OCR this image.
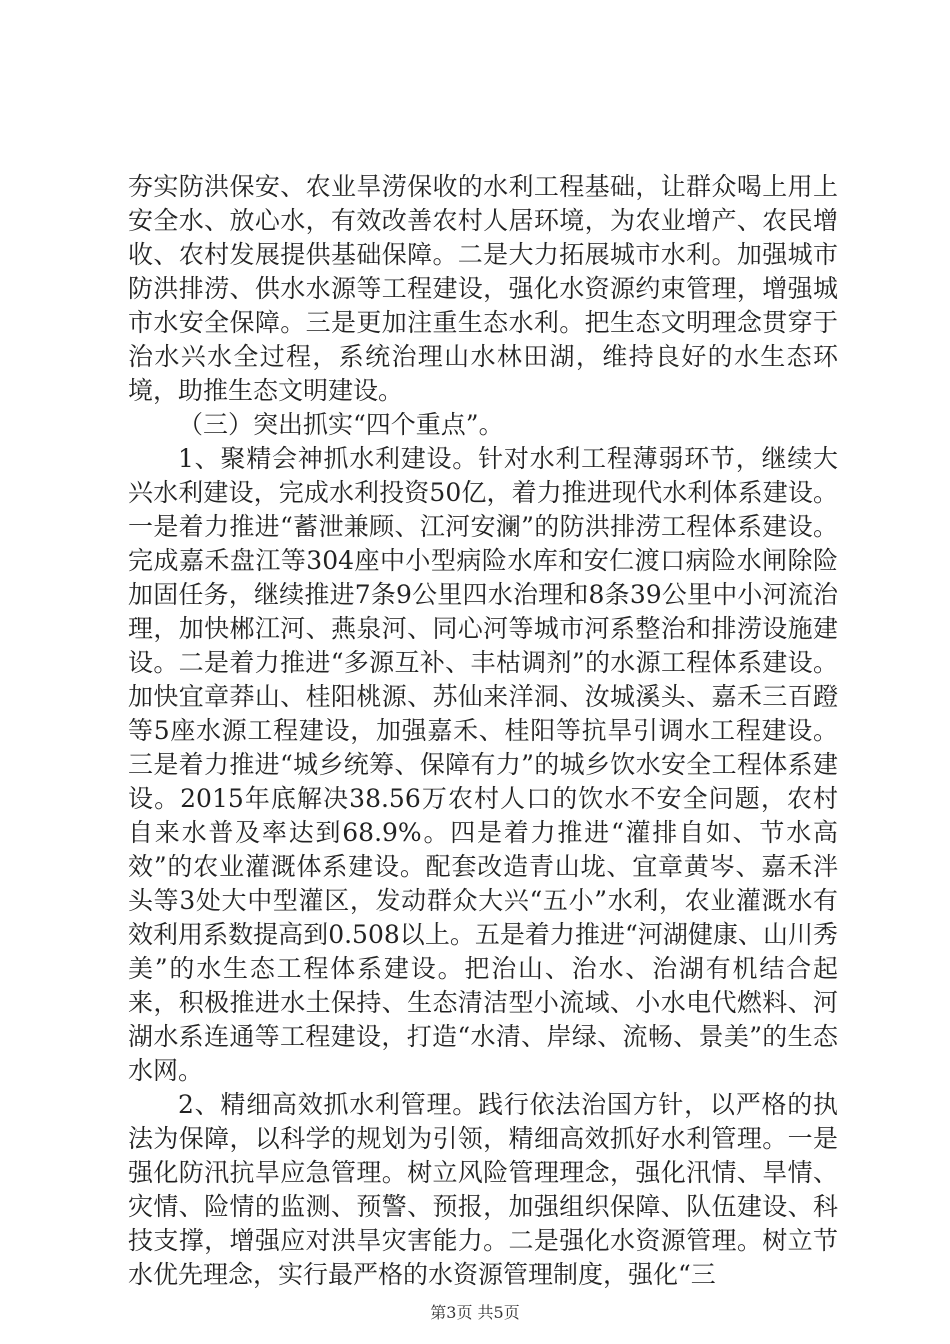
夯实防洪保安、农业旱涝保收的水利工程基础，让群众喝上用上安全水、放心水，有效改善农村人居环境，为农业增产、农民增收、农村发展提供基础保障。二是大力拓展城市水利。加强城市防洪排涝、供水水源等工程建设，强化水资源约束管理，增强城市水安全保障。三是更加注重生态水利。把生态文明理念贯穿于治水兴水全过程，系统治理山水林田湖，维持良好的水生态环境，助推生态文明建设。

（三）突出抓实“四个重点”。

1、聚精会神抓水利建设。针对水利工程薄弱环节，继续大兴水利建设，完成水利投资50亿，着力推进现代水利体系建设。一是着力推进“蓄泄兼顾、江河安澜”的防洪排涝工程体系建设。完成嘉禾盘江等304座中小型病险水库和安仁渡口病险水闸除险加固任务，继续推进7条9公里四水治理和8条39公里中小河流治理，加快郴江河、燕泉河、同心河等城市河系整治和排涝设施建设。二是着力推进“多源互补、丰枯调剂”的水源工程体系建设。加快宜章莽山、桂阳桃源、苏仙来洋洞、汝城溪头、嘉禾三百蹬等5座水源工程建设，加强嘉禾、桂阳等抗旱引调水工程建设。三是着力推进“城乡统筹、保障有力”的城乡饮水安全工程体系建设。2015年底解决38.56万农村人口的饮水不安全问题，农村自来水普及率达到68.9%。四是着力推进“灌排自如、节水高效”的农业灌溉体系建设。配套改造青山垅、宜章黄岑、嘉禾泮头等3处大中型灌区，发动群众大兴“五小”水利，农业灌溉水有效利用系数提高到0.508以上。五是着力推进“河湖健康、山川秀美”的水生态工程体系建设。把治山、治水、治湖有机结合起来，积极推进水土保持、生态清洁型小流域、小水电代燃料、河湖水系连通等工程建设，打造“水清、岸绿、流畅、景美”的生态水网。

2、精细高效抓水利管理。践行依法治国方针，以严格的执法为保障，以科学的规划为引领，精细高效抓好水利管理。一是强化防汛抗旱应急管理。树立风险管理理念，强化汛情、旱情、灾情、险情的监测、预警、预报，加强组织保障、队伍建设、科技支撑，增强应对洪旱灾害能力。二是强化水资源管理。树立节水优先理念，实行最严格的水资源管理制度，强化“三

第3页 共5页
